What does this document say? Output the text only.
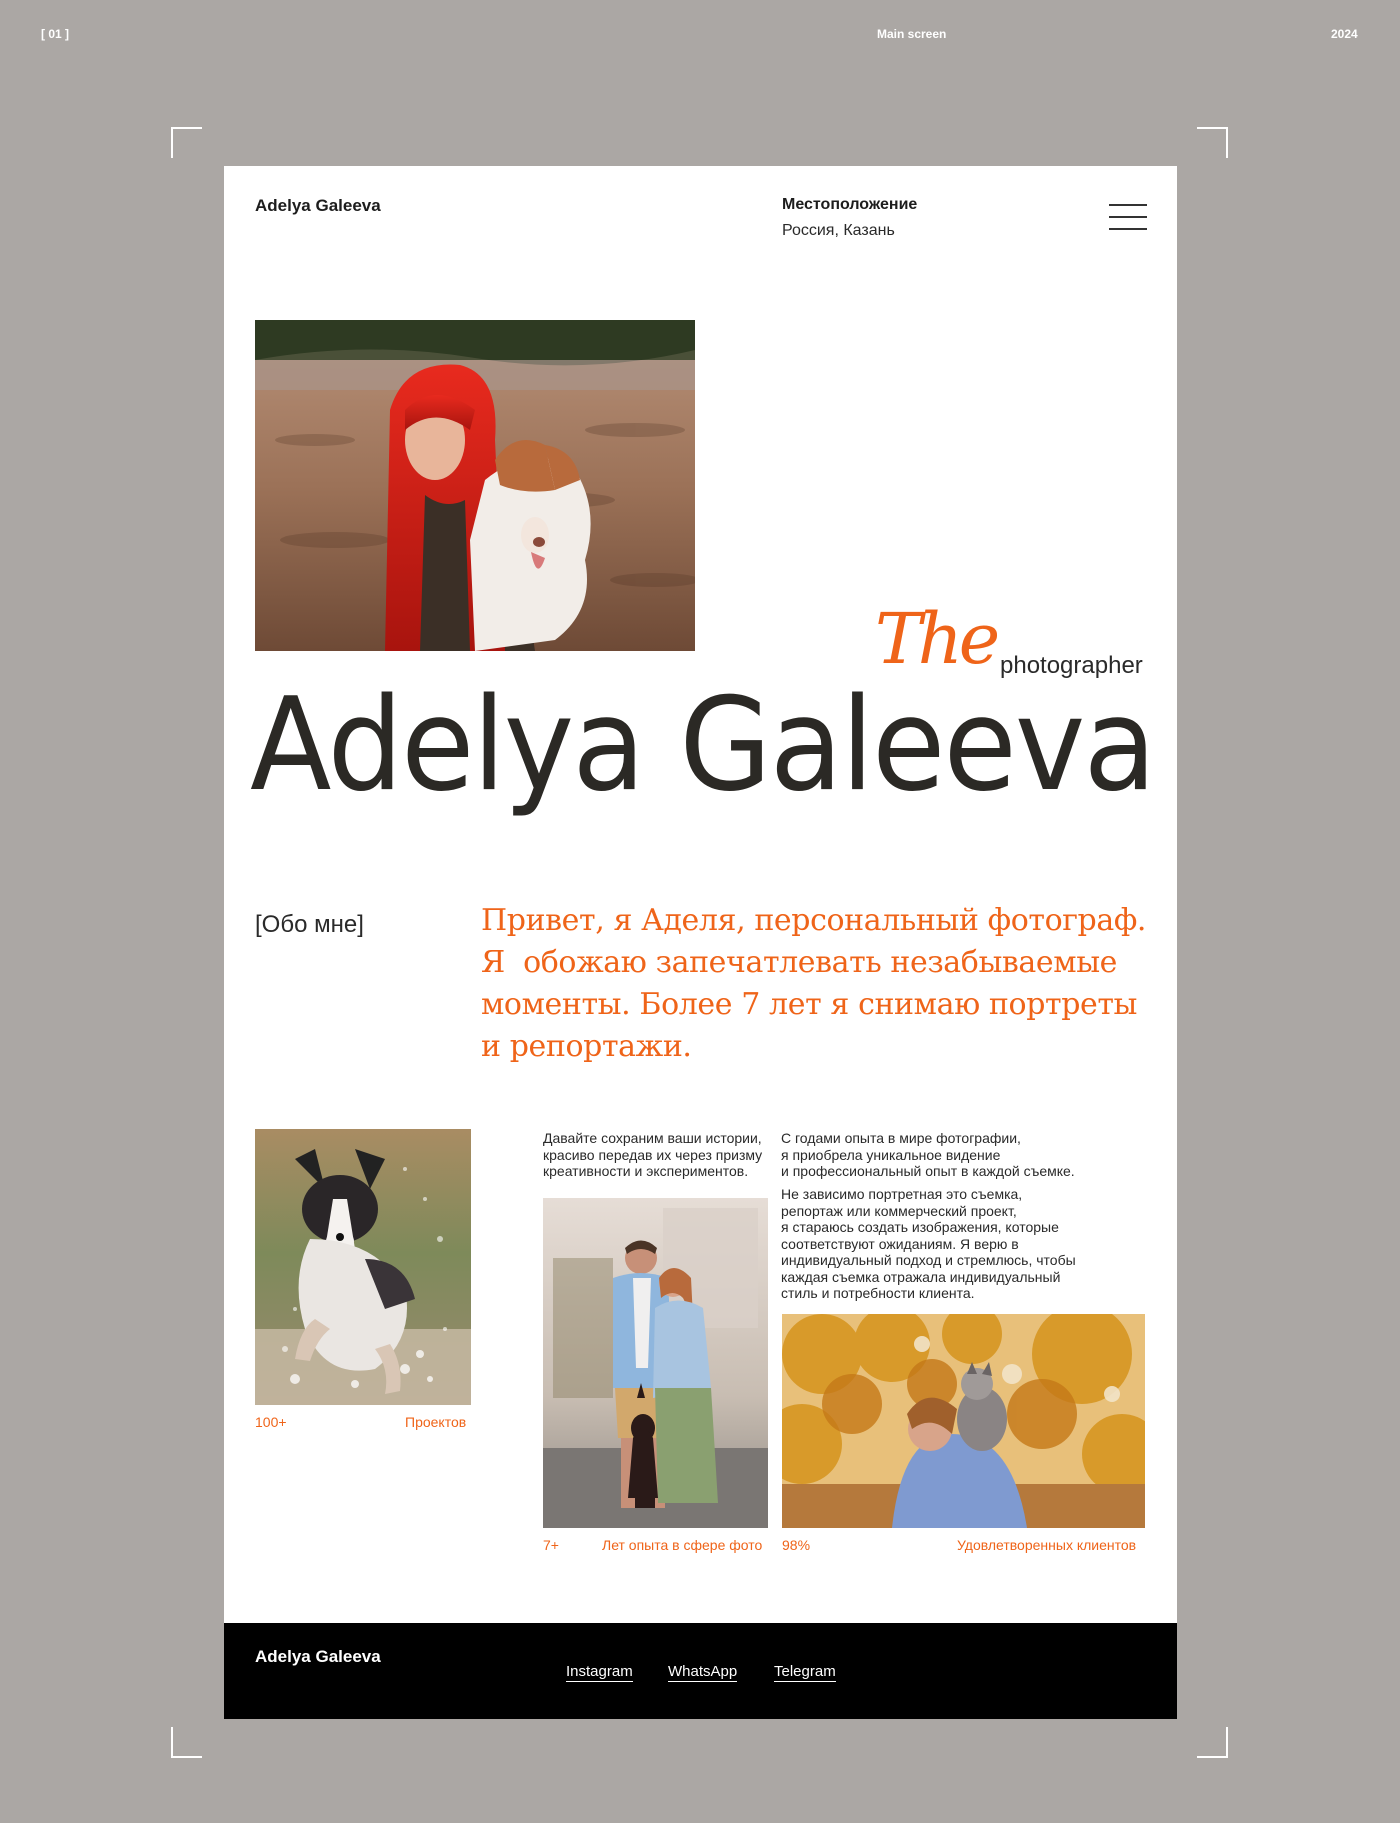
[ 01 ]	Main screen	2024
Adelya Galeeva	Местоположение
Россия, Казань
The photographer
Adelya Galeeva
[Обо мне]	Привет, я Аделя, персональный фотограф.
Я  обожаю запечатлевать незабываемые
моменты. Более 7 лет я снимаю портреты
и репортажи.
Давайте сохраним ваши истории,
красиво передав их через призму
креативности и экспериментов.
С годами опыта в мире фотографии,
я приобрела уникальное видение
и профессиональный опыт в каждой съемке.
Не зависимо портретная это съемка,
репортаж или коммерческий проект,
я стараюсь создать изображения, которые
соответствуют ожиданиям. Я верю в
индивидуальный подход и стремлюсь, чтобы
каждая съемка отражала индивидуальный
стиль и потребности клиента.
100+	Проектов
7+	Лет опыта в сфере фото 98%	Удовлетворенных клиентов
Adelya Galeeva
Instagram WhatsApp Telegram
